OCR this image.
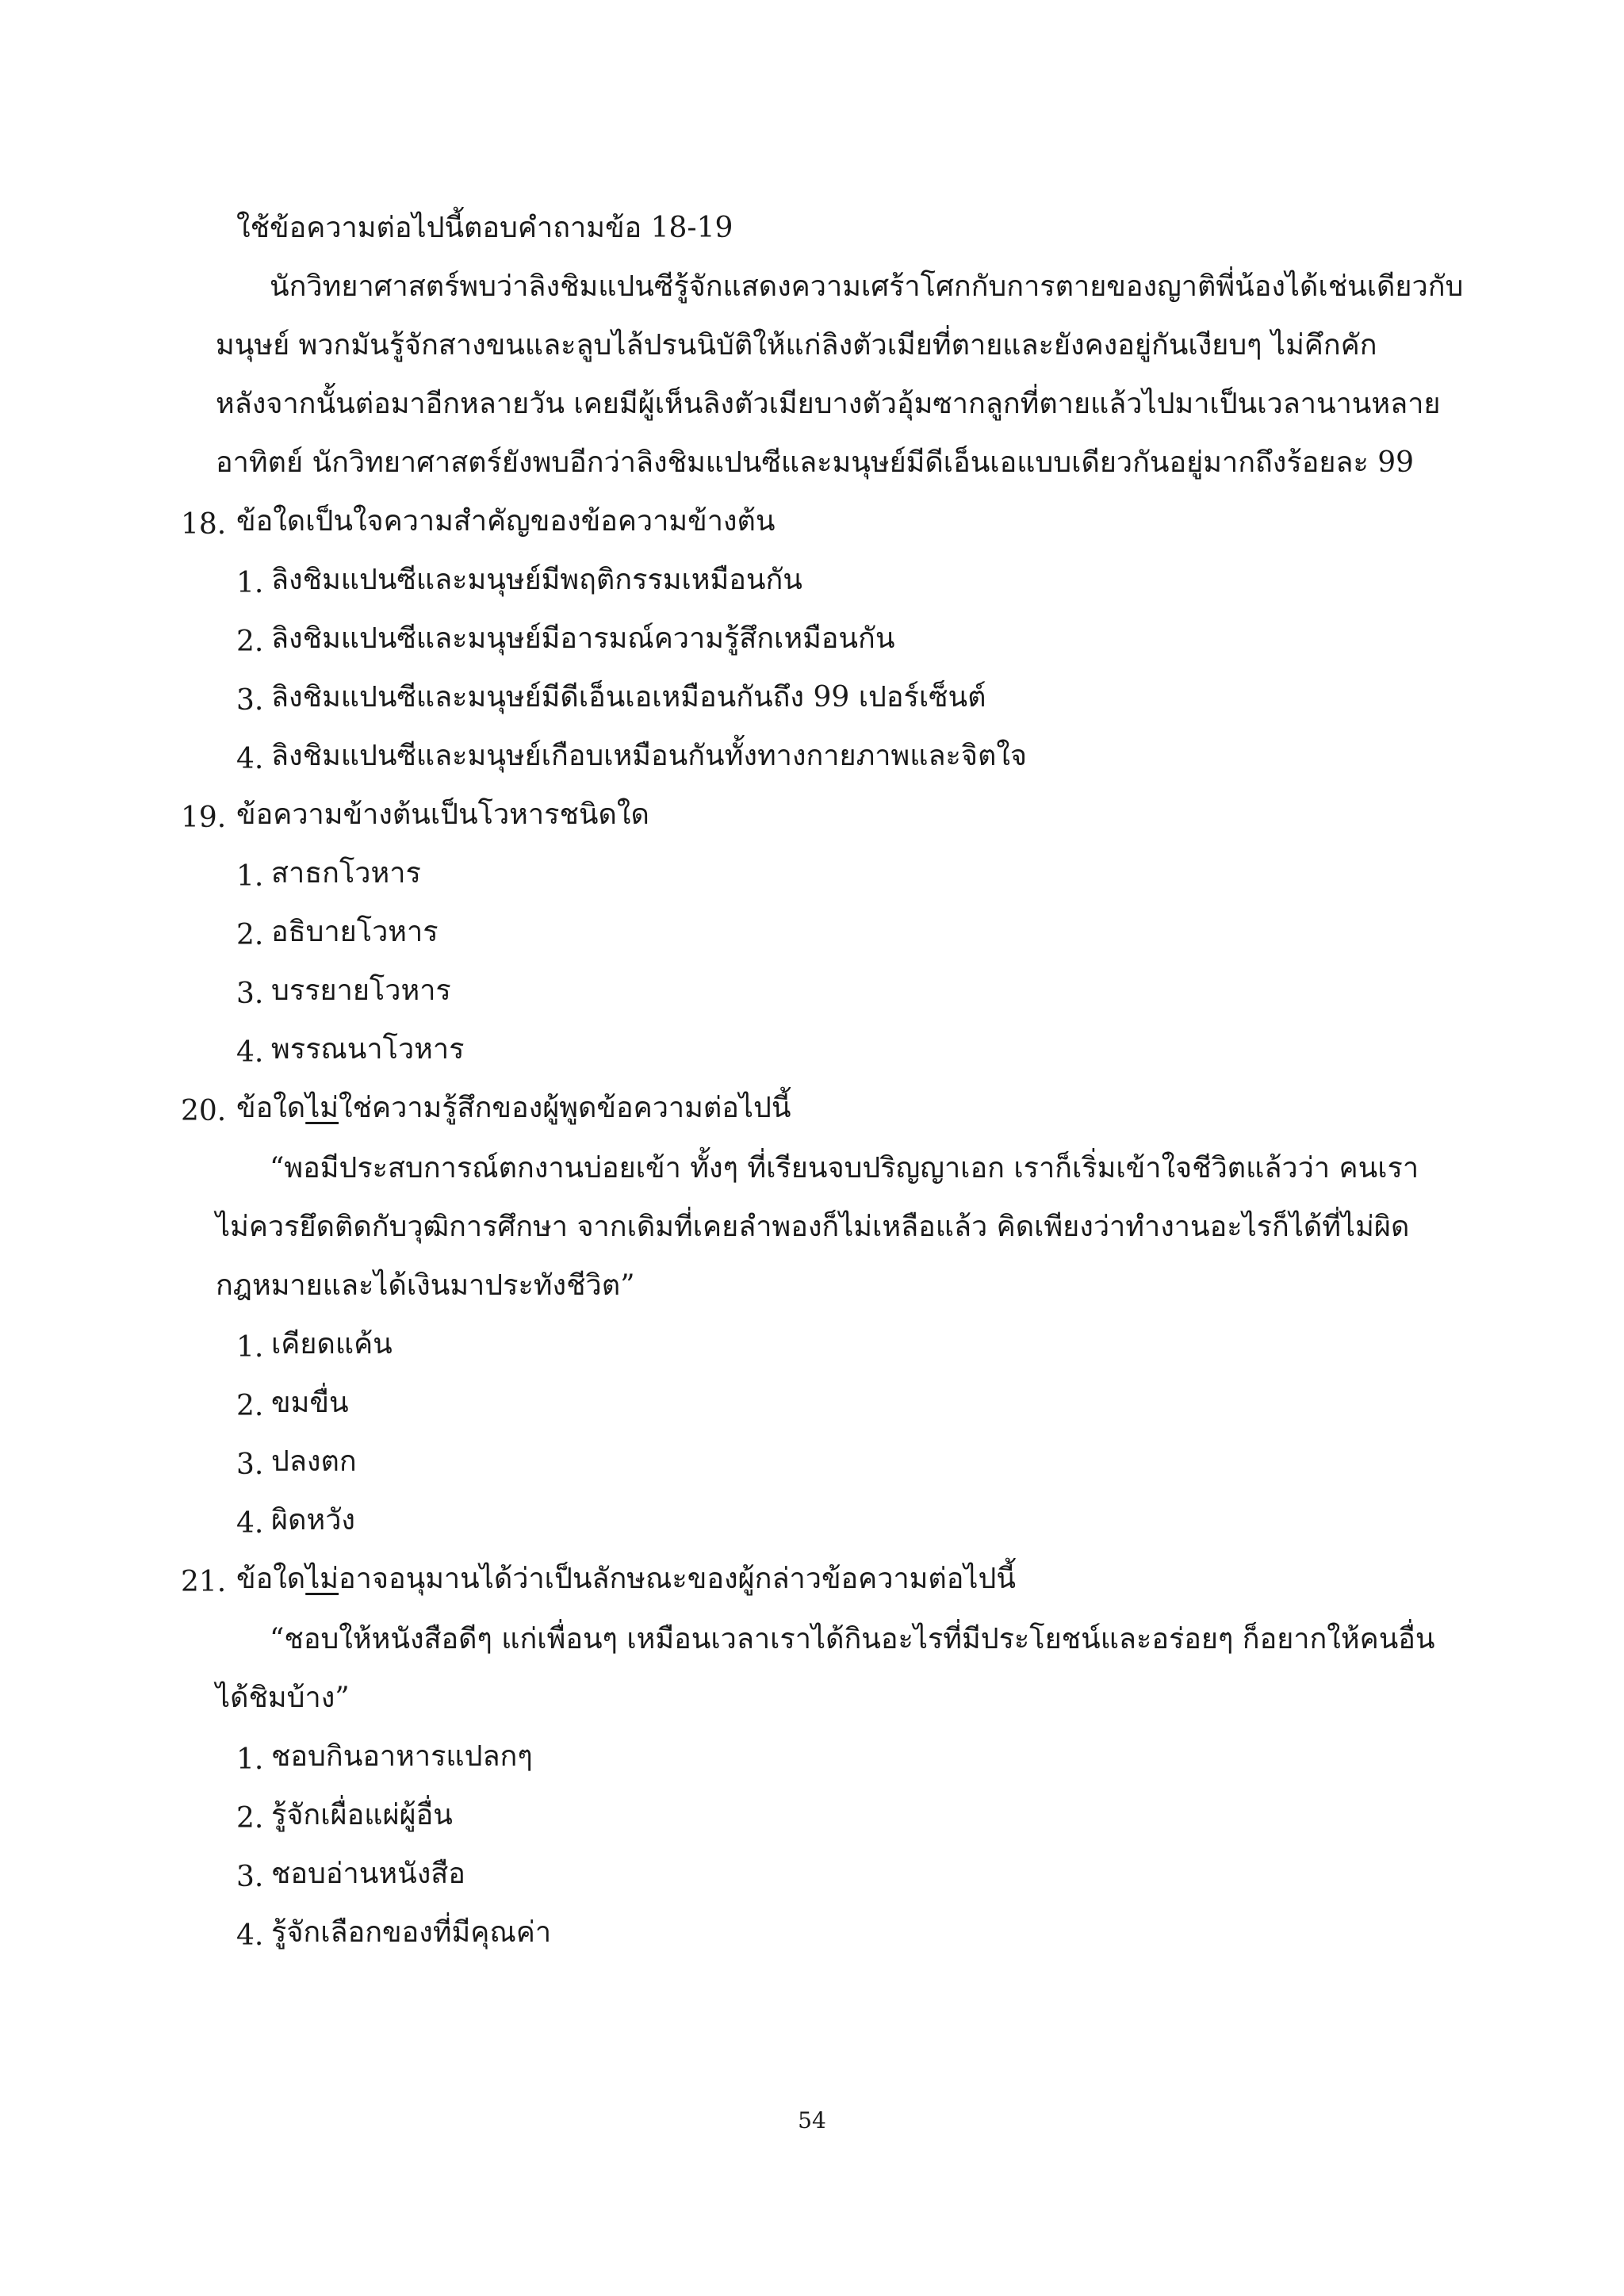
ใช้ข้อความต่อไปนี้ตอบคำถามข้อ 18-19
นักวิทยาศาสตร์พบว่าลิงชิมแปนซีรู้จักแสดงความเศร้าโศกกับการตายของญาติพี่น้องได้เช่นเดียวกับ
มนุษย์ พวกมันรู้จักสางขนและลูบไล้ปรนนิบัติให้แก่ลิงตัวเมียที่ตายและยังคงอยู่กันเงียบๆ ไม่คึกคัก
หลังจากนั้นต่อมาอีกหลายวัน เคยมีผู้เห็นลิงตัวเมียบางตัวอุ้มซากลูกที่ตายแล้วไปมาเป็นเวลานานหลาย
อาทิตย์ นักวิทยาศาสตร์ยังพบอีกว่าลิงชิมแปนซีและมนุษย์มีดีเอ็นเอแบบเดียวกันอยู่มากถึงร้อยละ 99
18. ข้อใดเป็นใจความสำคัญของข้อความข้างต้น
1. ลิงชิมแปนซีและมนุษย์มีพฤติกรรมเหมือนกัน
2. ลิงชิมแปนซีและมนุษย์มีอารมณ์ความรู้สึกเหมือนกัน
3. ลิงชิมแปนซีและมนุษย์มีดีเอ็นเอเหมือนกันถึง 99 เปอร์เซ็นต์
4. ลิงชิมแปนซีและมนุษย์เกือบเหมือนกันทั้งทางกายภาพและจิตใจ
19. ข้อความข้างต้นเป็นโวหารชนิดใด
1. สาธกโวหาร
2. อธิบายโวหาร
3. บรรยายโวหาร
4. พรรณนาโวหาร
20. ข้อใดไม่ใช่ความรู้สึกของผู้พูดข้อความต่อไปนี้
“พอมีประสบการณ์ตกงานบ่อยเข้า ทั้งๆ ที่เรียนจบปริญญาเอก เราก็เริ่มเข้าใจชีวิตแล้วว่า คนเรา
ไม่ควรยึดติดกับวุฒิการศึกษา จากเดิมที่เคยลำพองก็ไม่เหลือแล้ว คิดเพียงว่าทำงานอะไรก็ได้ที่ไม่ผิด
กฎหมายและได้เงินมาประทังชีวิต”
1. เคียดแค้น
2. ขมขื่น
3. ปลงตก
4. ผิดหวัง
21. ข้อใดไม่อาจอนุมานได้ว่าเป็นลักษณะของผู้กล่าวข้อความต่อไปนี้
“ชอบให้หนังสือดีๆ แก่เพื่อนๆ เหมือนเวลาเราได้กินอะไรที่มีประโยชน์และอร่อยๆ ก็อยากให้คนอื่น
ได้ชิมบ้าง”
1. ชอบกินอาหารแปลกๆ
2. รู้จักเผื่อแผ่ผู้อื่น
3. ชอบอ่านหนังสือ
4. รู้จักเลือกของที่มีคุณค่า
54
